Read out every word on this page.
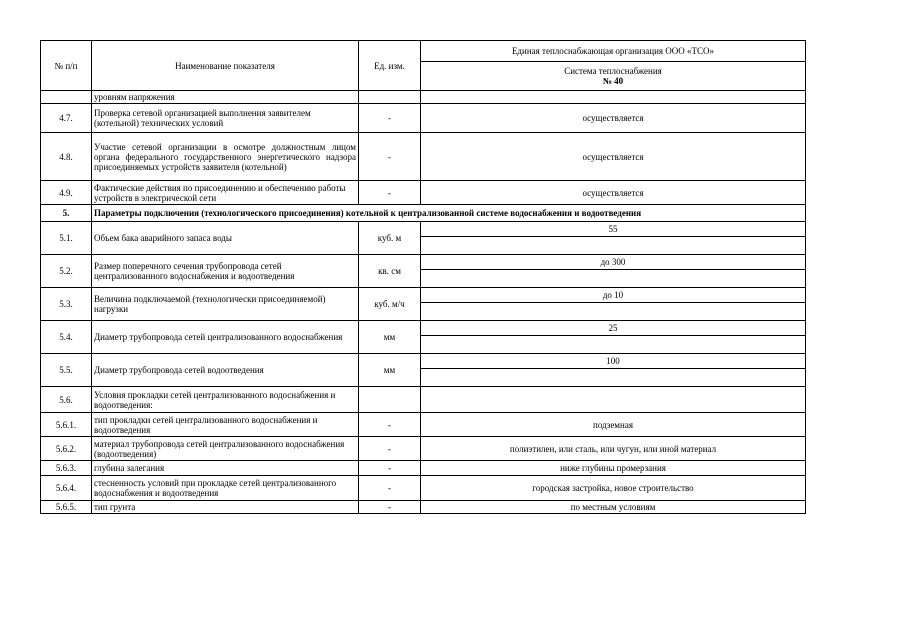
№ п/п	Наименование показателя	Ед. изм.	Единая теплоснабжающая организация ООО «ТСО»

			Система теплоснабжения
№ 40

	уровням напряжения		
4.7.	Проверка сетевой организацией выполнения заявителем (котельной) технических условий	-	осуществляется
4.8.	Участие сетевой организации в осмотре должностным лицом органа федерального государственного энергетического надзора присоединяемых устройств заявителя (котельной)	-	осуществляется
4.9.	Фактические действия по присоединению и обеспечению работы устройств в электрической сети	-	осуществляется
5.	Параметры подключения (технологического присоединения) котельной к централизованной системе водоснабжения и водоотведения		
5.1.	Объем бака аварийного запаса воды	куб. м	55

5.2.	Размер поперечного сечения трубопровода сетей централизованного водоснабжения и водоотведения	кв. см	до 300

5.3.	Величина подключаемой (технологически присоединяемой) нагрузки	куб. м/ч	до 10

5.4.	Диаметр трубопровода сетей централизованного водоснабжения	мм	25

5.5.	Диаметр трубопровода сетей водоотведения	мм	100

5.6.	Условия прокладки сетей централизованного водоснабжения и водоотведения:		
5.6.1.	тип прокладки сетей централизованного водоснабжения и водоотведения	-	подземная
5.6.2.	материал трубопровода сетей централизованного водоснабжения (водоотведения)	-	полиэтилен, или сталь, или чугун, или иной материал
5.6.3.	глубина залегания	-	ниже глубины промерзания
5.6.4.	стесненность условий при прокладке сетей централизованного водоснабжения и водоотведения	-	городская застройка, новое строительство
5.6.5.	тип грунта	-	по местным условиям
